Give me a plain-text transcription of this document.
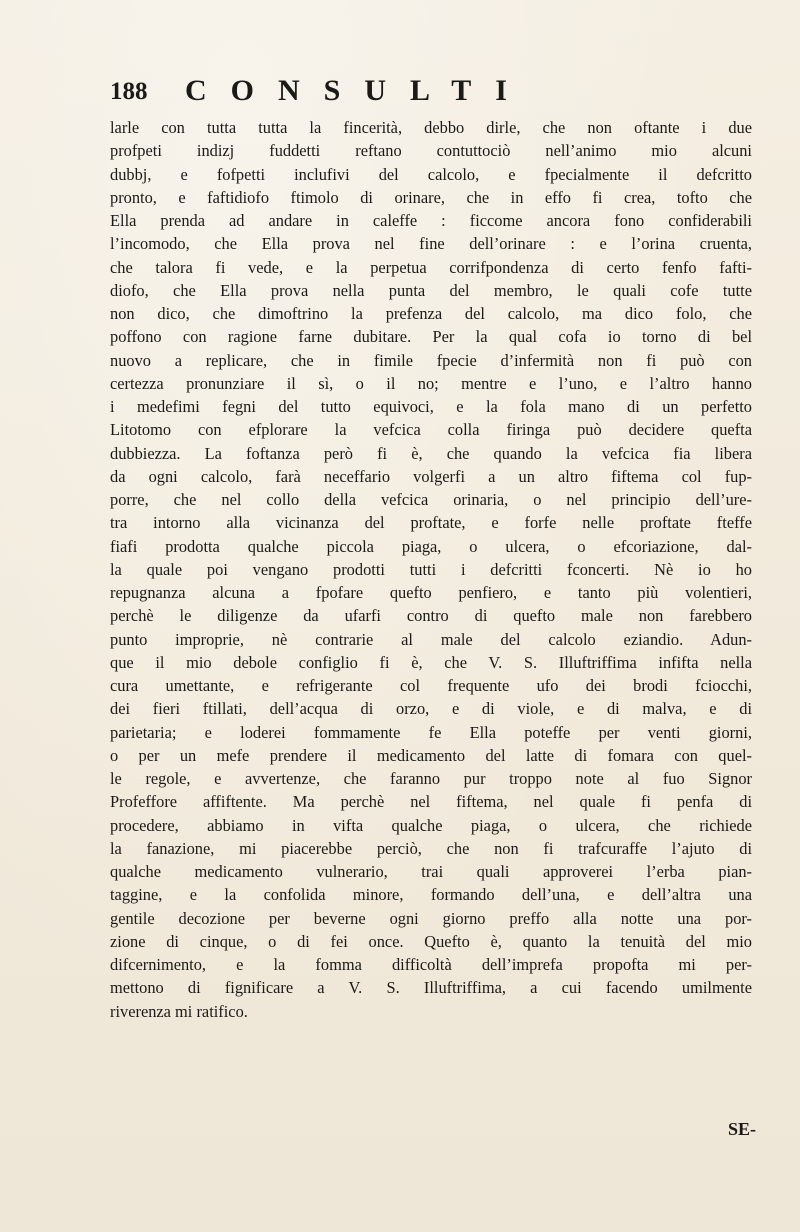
188 CONSULTI
larle con tutta tutta la fincerità, debbo dirle, che non oftante i due
profpeti indizj fuddetti reftano contuttociò nell’animo mio alcuni
dubbj, e fofpetti inclufivi del calcolo, e fpecialmente il defcritto
pronto, e faftidiofo ftimolo di orinare, che in effo fi crea, tofto che
Ella prenda ad andare in caleffe : ficcome ancora fono confiderabili
l’incomodo, che Ella prova nel fine dell’orinare : e l’orina cruenta,
che talora fi vede, e la perpetua corrifpondenza di certo fenfo fafti-
diofo, che Ella prova nella punta del membro, le quali cofe tutte
non dico, che dimoftrino la prefenza del calcolo, ma dico folo, che
poffono con ragione farne dubitare. Per la qual cofa io torno di bel
nuovo a replicare, che in fimile fpecie d’infermità non fi può con
certezza pronunziare il sì, o il no; mentre e l’uno, e l’altro hanno
i medefimi fegni del tutto equivoci, e la fola mano di un perfetto
Litotomo con efplorare la vefcica colla firinga può decidere quefta
dubbiezza. La foftanza però fi è, che quando la vefcica fia libera
da ogni calcolo, farà neceffario volgerfi a un altro fiftema col fup-
porre, che nel collo della vefcica orinaria, o nel principio dell’ure-
tra intorno alla vicinanza del proftate, e forfe nelle proftate fteffe
fiafi prodotta qualche piccola piaga, o ulcera, o efcoriazione, dal-
la quale poi vengano prodotti tutti i defcritti fconcerti. Nè io ho
repugnanza alcuna a fpofare quefto penfiero, e tanto più volentieri,
perchè le diligenze da ufarfi contro di quefto male non farebbero
punto improprie, nè contrarie al male del calcolo eziandio. Adun-
que il mio debole configlio fi è, che V. S. Illuftriffima infifta nella
cura umettante, e refrigerante col frequente ufo dei brodi fciocchi,
dei fieri ftillati, dell’acqua di orzo, e di viole, e di malva, e di
parietaria; e loderei fommamente fe Ella poteffe per venti giorni,
o per un mefe prendere il medicamento del latte di fomara con quel-
le regole, e avvertenze, che faranno pur troppo note al fuo Signor
Profeffore affiftente. Ma perchè nel fiftema, nel quale fi penfa di
procedere, abbiamo in vifta qualche piaga, o ulcera, che richiede
la fanazione, mi piacerebbe perciò, che non fi trafcuraffe l’ajuto di
qualche medicamento vulnerario, trai quali approverei l’erba pian-
taggine, e la confolida minore, formando dell’una, e dell’altra una
gentile decozione per beverne ogni giorno preffo alla notte una por-
zione di cinque, o di fei once. Quefto è, quanto la tenuità del mio
difcernimento, e la fomma difficoltà dell’imprefa propofta mi per-
mettono di fignificare a V. S. Illuftriffima, a cui facendo umilmente
riverenza mi ratifico.
SE-
